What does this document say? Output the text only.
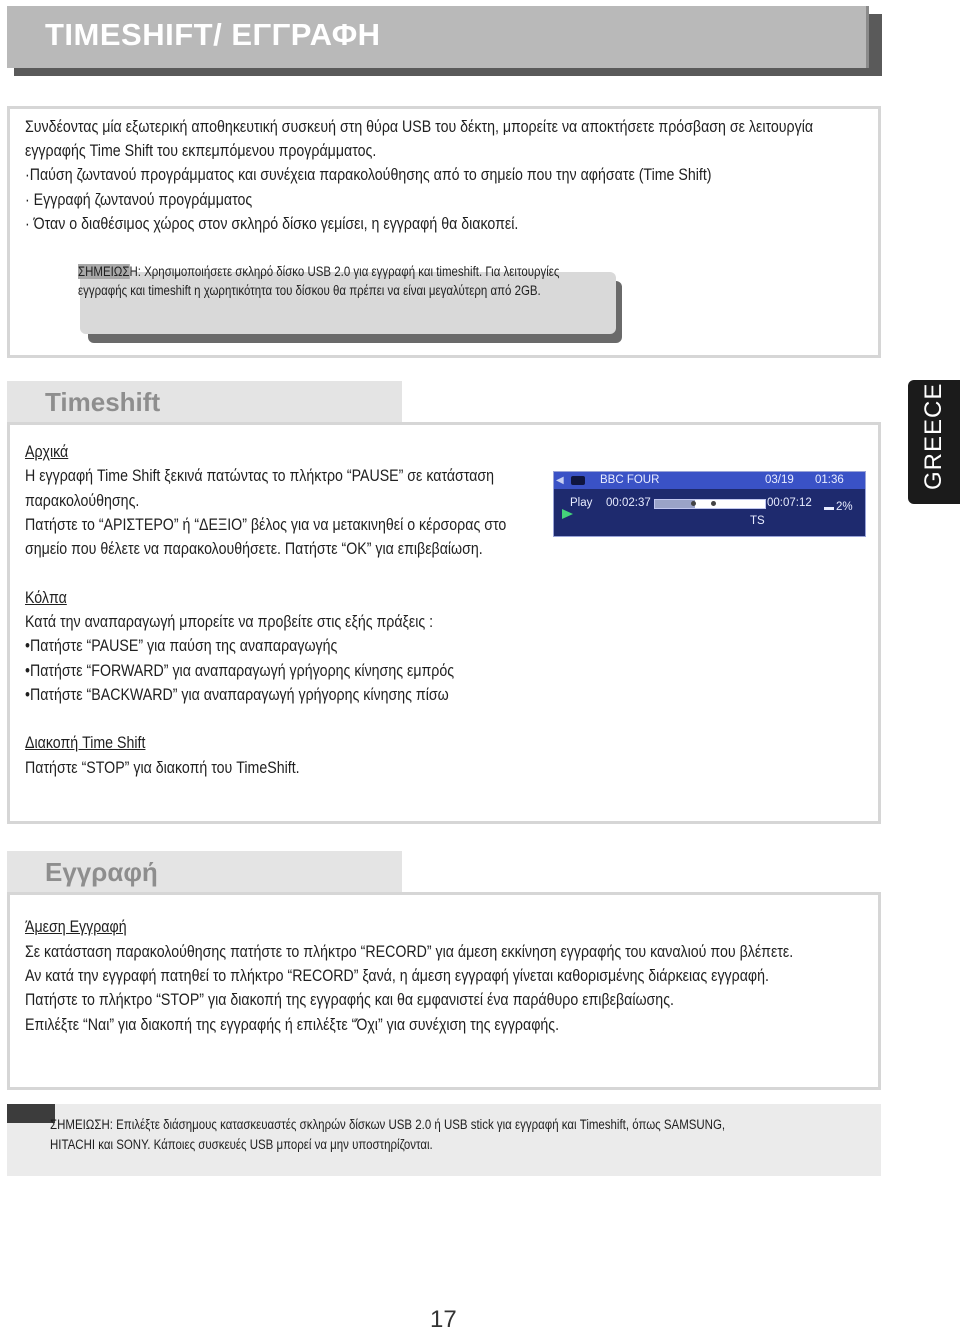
TIMESHIFT/ ΕΓΓΡΑΦΗ
Συνδέοντας μία εξωτερική αποθηκευτική συσκευή στη θύρα USB του δέκτη, μπορείτε να αποκτήσετε πρόσβαση σε λειτουργία
εγγραφής Time Shift του εκπεμπόμενου προγράμματος.
·Παύση ζωντανού προγράμματος και συνέχεια παρακολούθησης από το σημείο που την αφήσατε (Time Shift)
· Εγγραφή ζωντανού προγράμματος
· Όταν ο διαθέσιμος χώρος στον σκληρό δίσκο γεμίσει, η εγγραφή θα διακοπεί.
ΣΗΜΕΙΩΣΗ: Χρησιμοποιήσετε σκληρό δίσκο USB 2.0 για εγγραφή και timeshift. Για λειτουργίες
εγγραφής και timeshift η χωρητικότητα του δίσκου θα πρέπει να είναι μεγαλύτερη από 2GB.
GREECE
Timeshift
Αρχικά
Η εγγραφή Time Shift ξεκινά πατώντας το πλήκτρο “PAUSE” σε κατάσταση
παρακολούθησης.
Πατήστε το “ΑΡΙΣΤΕΡΟ” ή “ΔΕΞΙΟ” βέλος για να μετακινηθεί ο κέρσορας στο
σημείο που θέλετε να παρακολουθήσετε. Πατήστε “OK” για επιβεβαίωση.
◀	BBC FOUR	03/19 01:36
Play 00:02:37	00:07:12 2%
TS
Κόλπα
Κατά την αναπαραγωγή μπορείτε να προβείτε στις εξής πράξεις :
•Πατήστε “PAUSE” για παύση της αναπαραγωγής
•Πατήστε “FORWARD” για αναπαραγωγή γρήγορης κίνησης εμπρός
•Πατήστε “BACKWARD” για αναπαραγωγή γρήγορης κίνησης πίσω
Διακοπή Time Shift
Πατήστε “STOP” για διακοπή του TimeShift.
Εγγραφή
Άμεση Εγγραφή
Σε κατάσταση παρακολούθησης πατήστε το πλήκτρο “RECORD” για άμεση εκκίνηση εγγραφής του καναλιού που βλέπετε.
Αν κατά την εγγραφή πατηθεί το πλήκτρο “RECORD” ξανά, η άμεση εγγραφή γίνεται καθορισμένης διάρκειας εγγραφή.
Πατήστε το πλήκτρο “STOP” για διακοπή της εγγραφής και θα εμφανιστεί ένα παράθυρο επιβεβαίωσης.
Επιλέξτε “Ναι” για διακοπή της εγγραφής ή επιλέξτε “Όχι” για συνέχιση της εγγραφής.
ΣΗΜΕΙΩΣΗ: Επιλέξτε διάσημους κατασκευαστές σκληρών δίσκων USB 2.0 ή USB stick για εγγραφή και Timeshift, όπως SAMSUNG,
HITACHI και SONY. Κάποιες συσκευές USB μπορεί να μην υποστηρίζονται.
17
